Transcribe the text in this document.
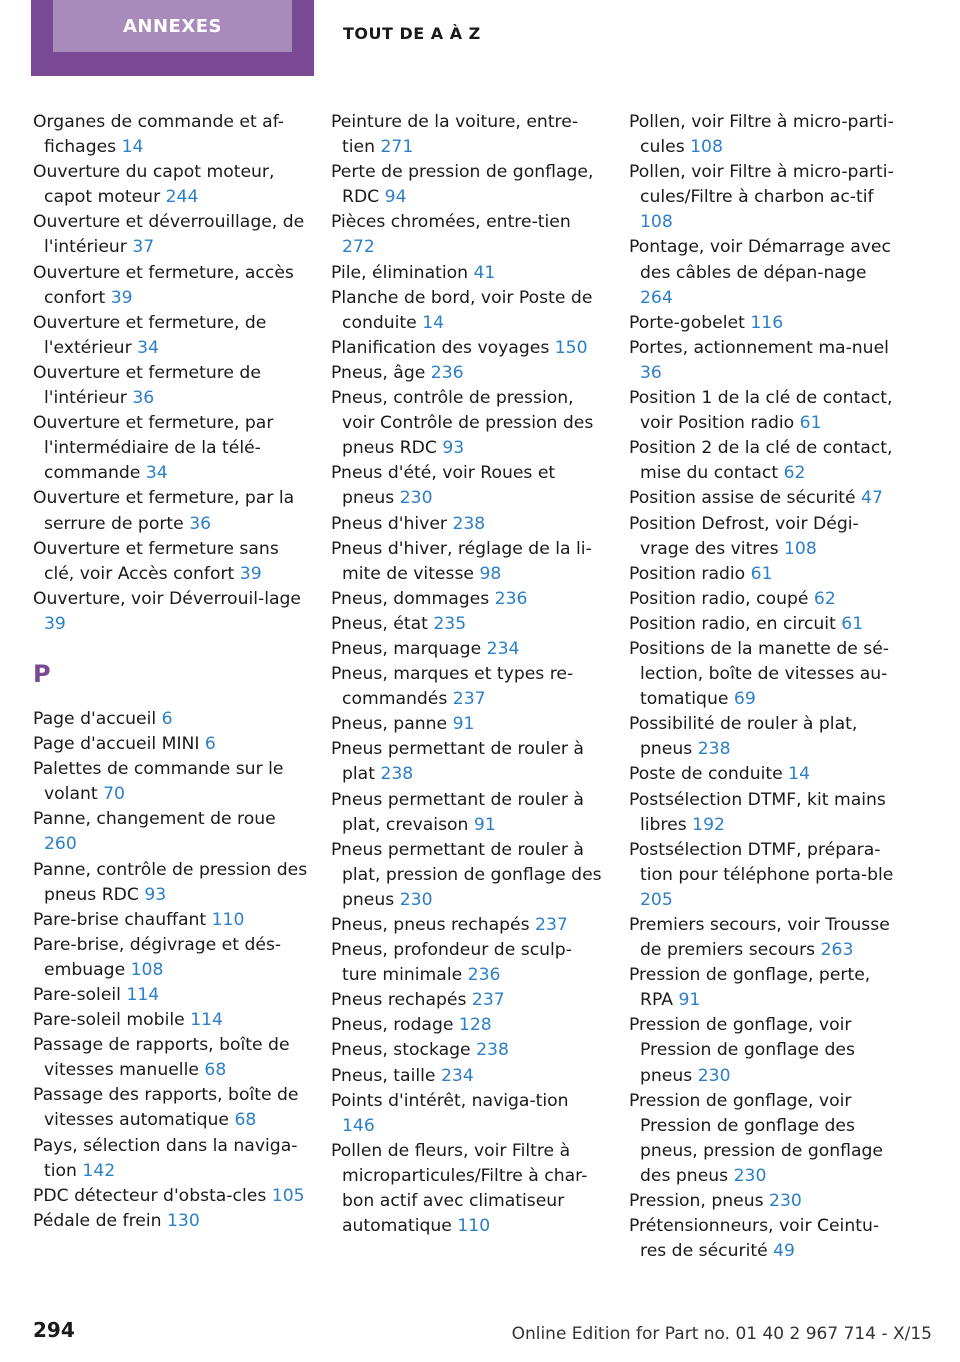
ANNEXES	TOUT DE A À Z
Organes de commande et af-fichages 14
Ouverture du capot moteur, capot moteur 244
Ouverture et déverrouillage, de l'intérieur 37
Ouverture et fermeture, accès confort 39
Ouverture et fermeture, de l'extérieur 34
Ouverture et fermeture de l'intérieur 36
Ouverture et fermeture, par l'intermédiaire de la télé-commande 34
Ouverture et fermeture, par la serrure de porte 36
Ouverture et fermeture sans clé, voir Accès confort 39
Ouverture, voir Déverrouil-lage 39
P
Page d'accueil 6
Page d'accueil MINI 6
Palettes de commande sur le volant 70
Panne, changement de roue 260
Panne, contrôle de pression des pneus RDC 93
Pare-brise chauffant 110
Pare-brise, dégivrage et dés-embuage 108
Pare-soleil 114
Pare-soleil mobile 114
Passage de rapports, boîte de vitesses manuelle 68
Passage des rapports, boîte de vitesses automatique 68
Pays, sélection dans la naviga-tion 142
PDC détecteur d'obsta-cles 105
Pédale de frein 130
Peinture de la voiture, entre-tien 271
Perte de pression de gonflage, RDC 94
Pièces chromées, entre-tien 272
Pile, élimination 41
Planche de bord, voir Poste de conduite 14
Planification des voyages 150
Pneus, âge 236
Pneus, contrôle de pression, voir Contrôle de pression des pneus RDC 93
Pneus d'été, voir Roues et pneus 230
Pneus d'hiver 238
Pneus d'hiver, réglage de la li-mite de vitesse 98
Pneus, dommages 236
Pneus, état 235
Pneus, marquage 234
Pneus, marques et types re-commandés 237
Pneus, panne 91
Pneus permettant de rouler à plat 238
Pneus permettant de rouler à plat, crevaison 91
Pneus permettant de rouler à plat, pression de gonflage des pneus 230
Pneus, pneus rechapés 237
Pneus, profondeur de sculp-ture minimale 236
Pneus rechapés 237
Pneus, rodage 128
Pneus, stockage 238
Pneus, taille 234
Points d'intérêt, naviga-tion 146
Pollen de fleurs, voir Filtre à microparticules/Filtre à char-bon actif avec climatiseur automatique 110
Pollen, voir Filtre à micro-parti-cules 108
Pollen, voir Filtre à micro-parti-cules/Filtre à charbon ac-tif 108
Pontage, voir Démarrage avec des câbles de dépan-nage 264
Porte-gobelet 116
Portes, actionnement ma-nuel 36
Position 1 de la clé de contact, voir Position radio 61
Position 2 de la clé de contact, mise du contact 62
Position assise de sécurité 47
Position Defrost, voir Dégi-vrage des vitres 108
Position radio 61
Position radio, coupé 62
Position radio, en circuit 61
Positions de la manette de sé-lection, boîte de vitesses au-tomatique 69
Possibilité de rouler à plat, pneus 238
Poste de conduite 14
Postsélection DTMF, kit mains libres 192
Postsélection DTMF, prépara-tion pour téléphone porta-ble 205
Premiers secours, voir Trousse de premiers secours 263
Pression de gonflage, perte, RPA 91
Pression de gonflage, voir Pression de gonflage des pneus 230
Pression de gonflage, voir Pression de gonflage des pneus, pression de gonflage des pneus 230
Pression, pneus 230
Prétensionneurs, voir Ceintu-res de sécurité 49
294	Online Edition for Part no. 01 40 2 967 714 - X/15
